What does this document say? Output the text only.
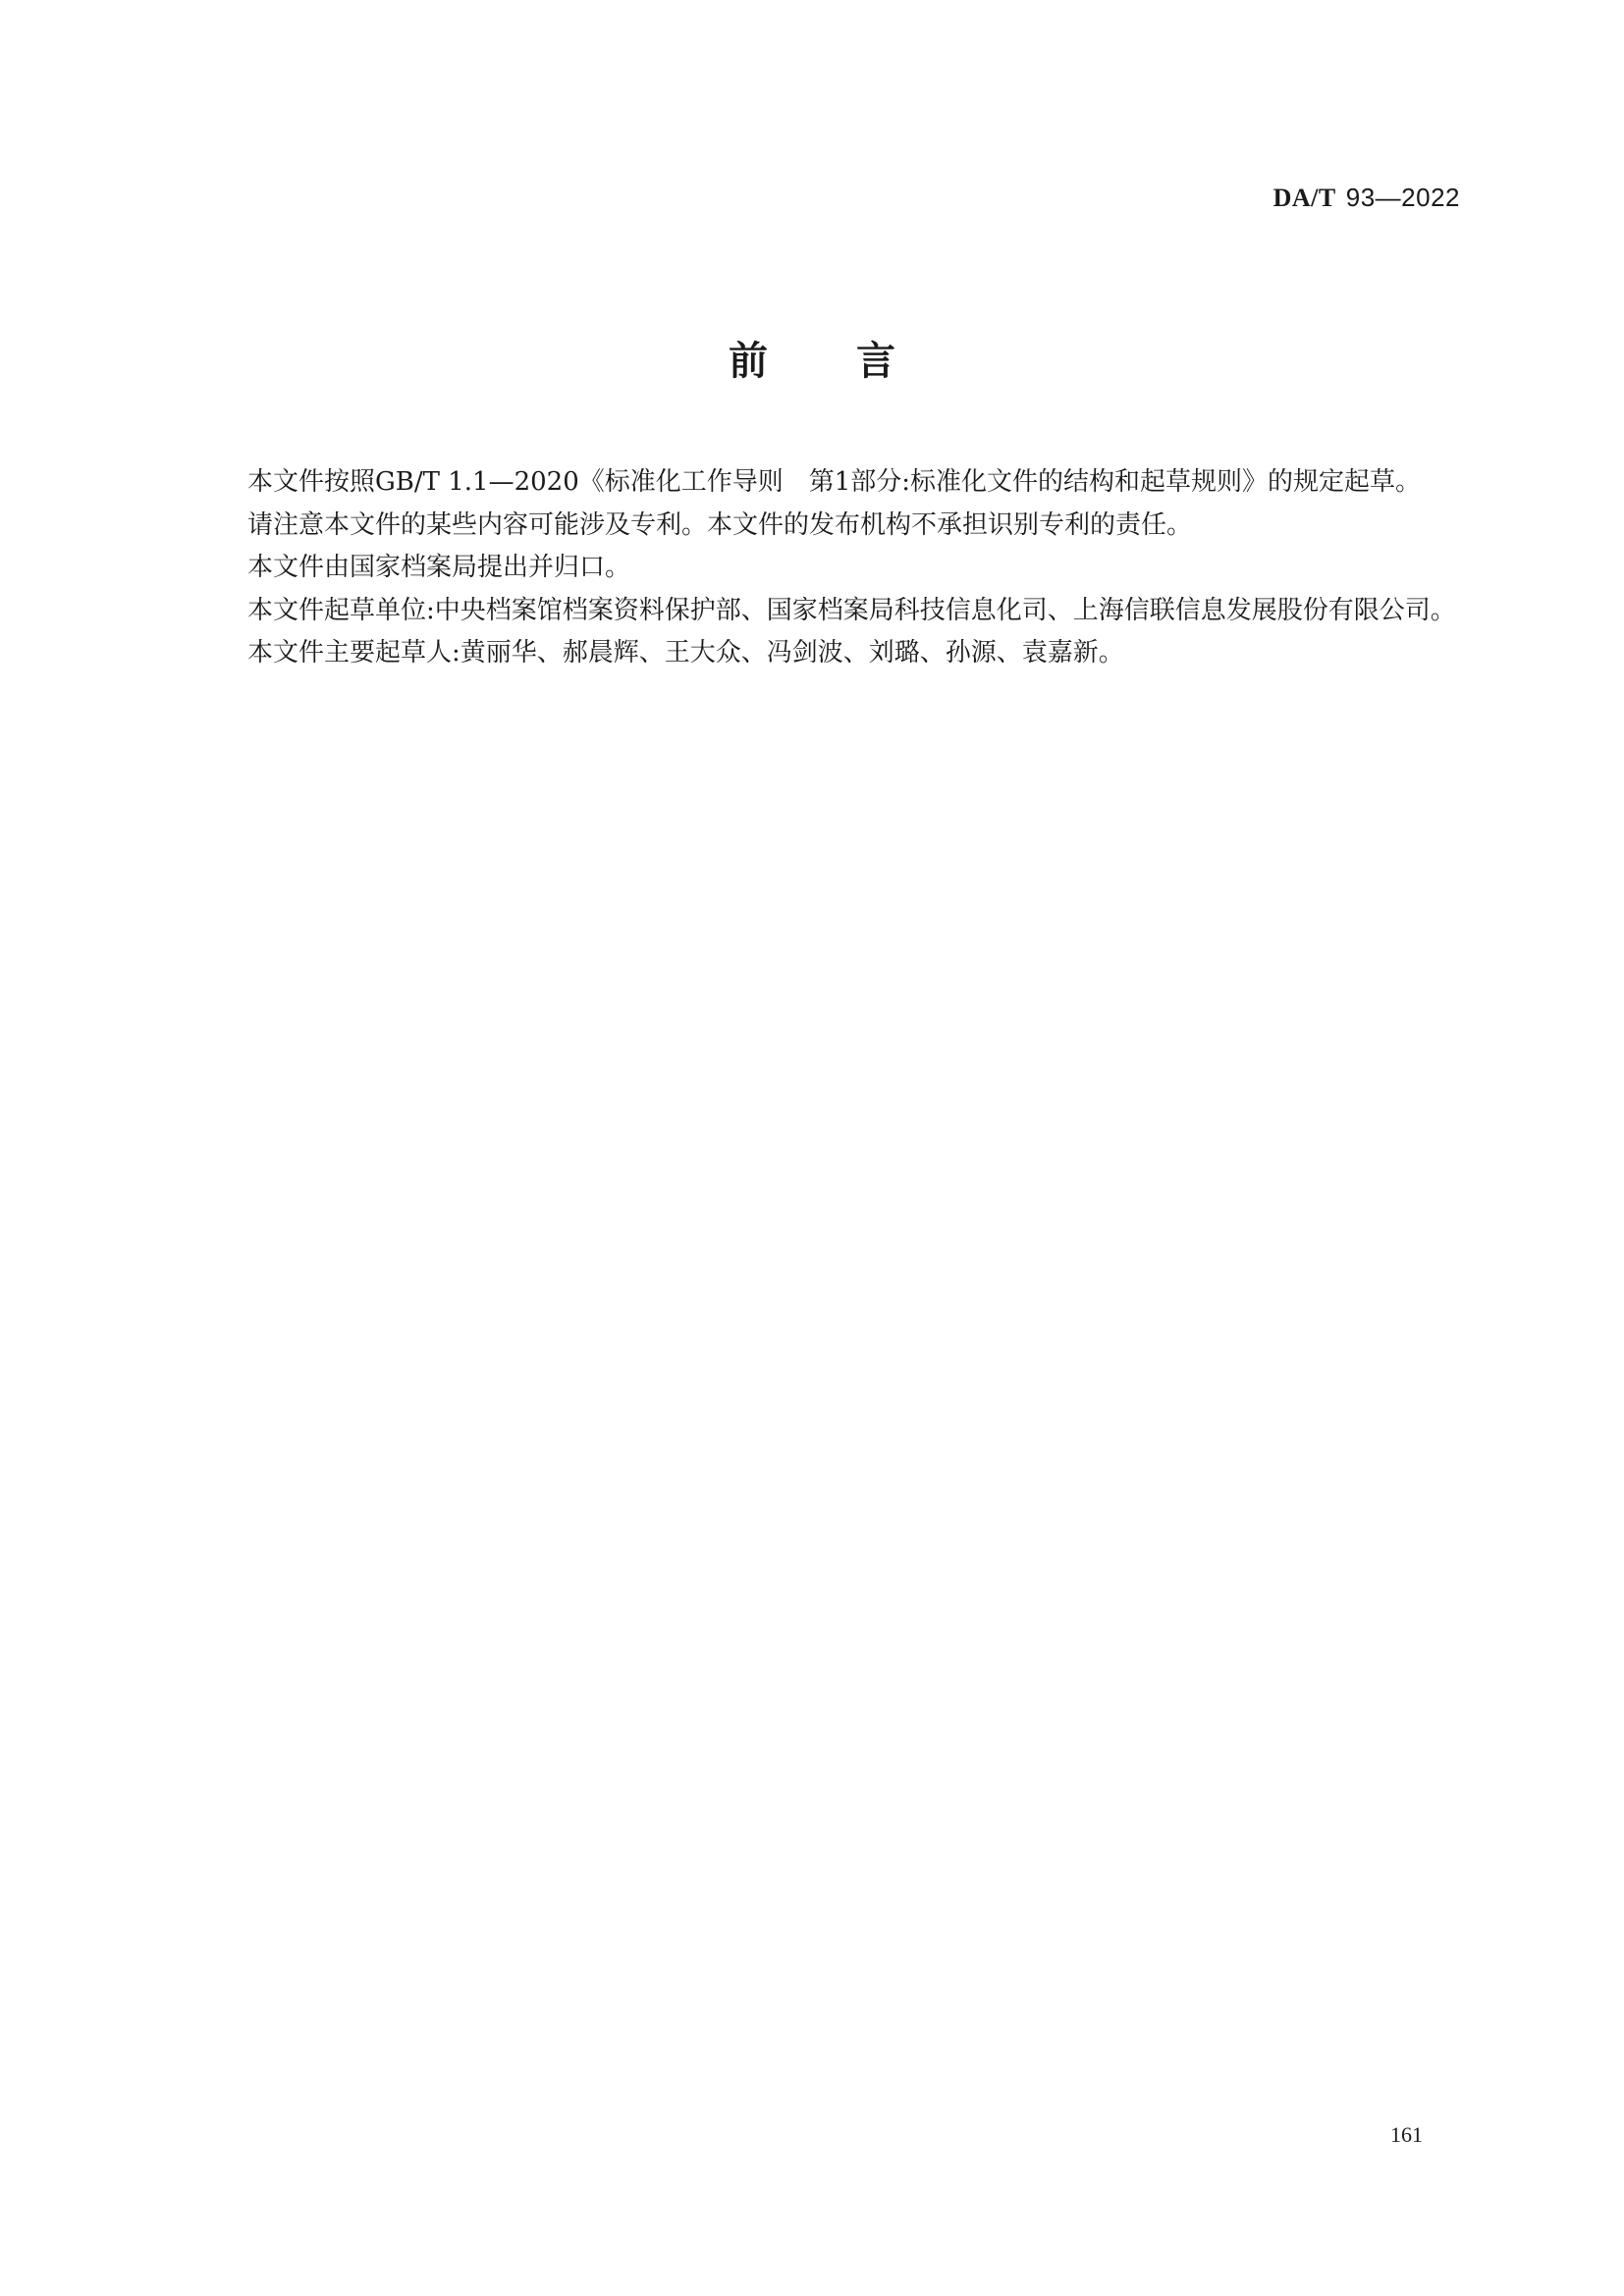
DA/T 93—2022
前 言

本文件按照GB/T 1.1—2020《标准化工作导则　第1部分:标准化文件的结构和起草规则》的规定起草。

请注意本文件的某些内容可能涉及专利。本文件的发布机构不承担识别专利的责任。

本文件由国家档案局提出并归口。

本文件起草单位:中央档案馆档案资料保护部、国家档案局科技信息化司、上海信联信息发展股份有限公司。

本文件主要起草人:黄丽华、郝晨辉、王大众、冯剑波、刘璐、孙源、袁嘉新。

161
